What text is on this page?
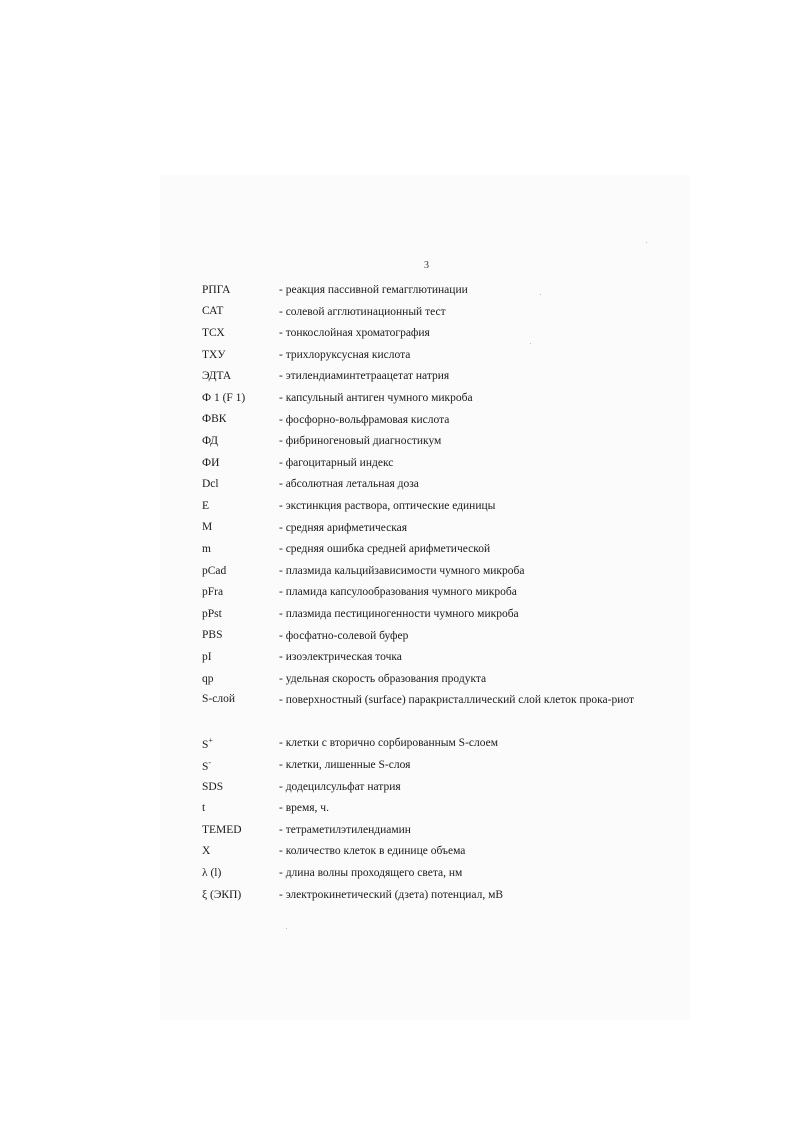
3
РПГА	- реакция пассивной гемагглютинации
САТ	- солевой агглютинационный тест
ТСХ	- тонкослойная хроматография
ТХУ	- трихлоруксусная кислота
ЭДТА	- этилендиаминтетраацетат натрия
Ф 1 (F 1)	- капсульный антиген чумного микроба
ФВК	- фосфорно-вольфрамовая кислота
ФД	- фибриногеновый диагностикум
ФИ	- фагоцитарный индекс
Dcl	- абсолютная летальная доза
E	- экстинкция раствора, оптические единицы
M	- средняя арифметическая
m	- средняя ошибка средней арифметической
pCad	- плазмида кальцийзависимости чумного микроба
pFra	- пламида капсулообразования чумного микроба
pPst	- плазмида пестициногенности чумного микроба
PBS	- фосфатно-солевой буфер
pI	- изоэлектрическая точка
qp	- удельная скорость образования продукта
S-слой	- поверхностный (surface) паракристаллический слой клеток прока-риот
S+	- клетки с вторично сорбированным S-слоем
S-	- клетки, лишенные S-слоя
SDS	- додецилсульфат натрия
t	- время, ч.
TEMED	- тетраметилэтилендиамин
X	- количество клеток в единице объема
λ (l)	- длина волны проходящего света, нм
ξ (ЭКП)	- электрокинетический (дзета) потенциал, мВ
